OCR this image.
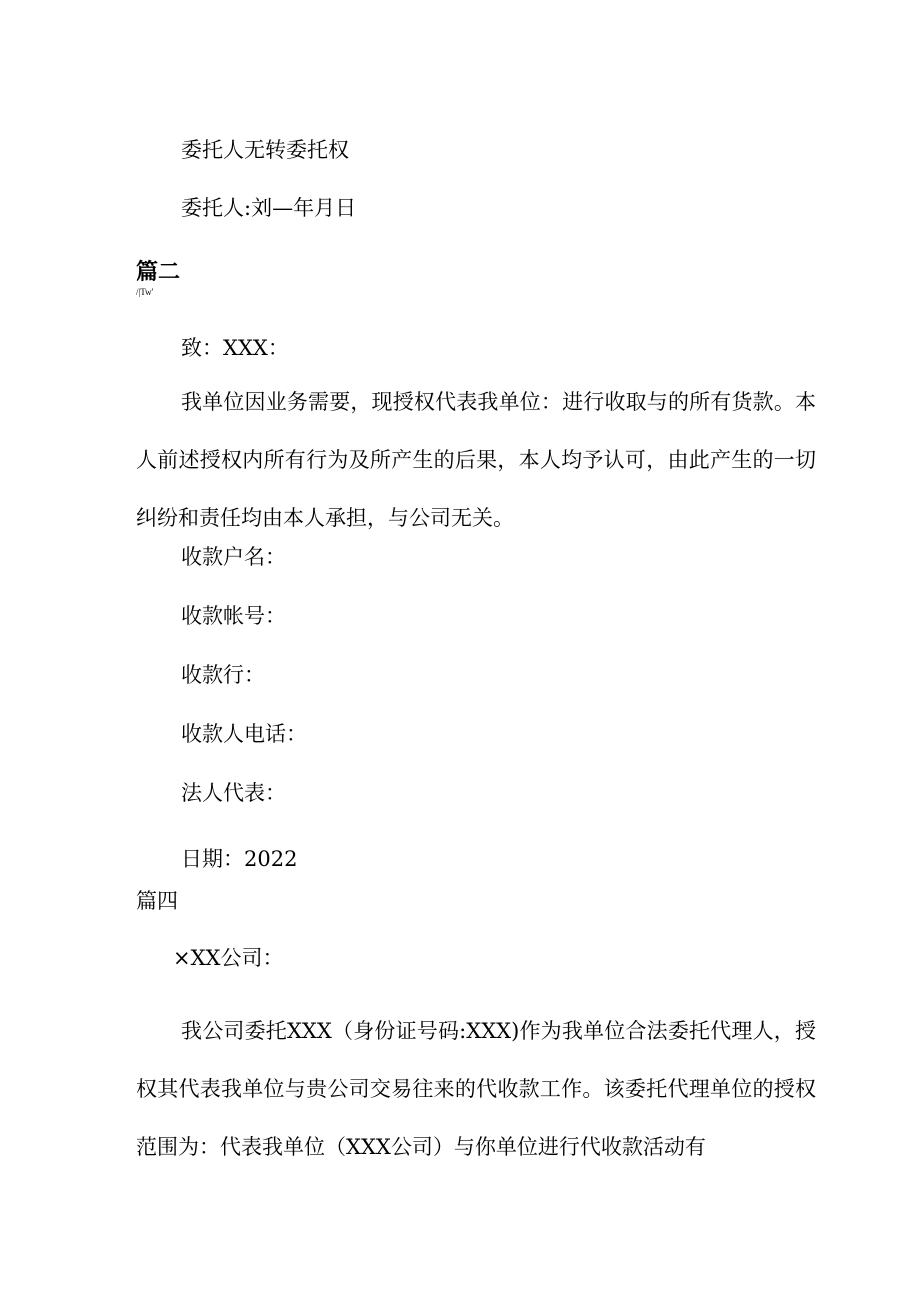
委托人无转委托权
委托人:刘—年月日
篇二
/|Tw'
致：XXX：
我单位因业务需要，现授权代表我单位：进行收取与的所有货款。本人前述授权内所有行为及所产生的后果，本人均予认可，由此产生的一切纠纷和责任均由本人承担，与公司无关。
收款户名：
收款帐号：
收款行：
收款人电话：
法人代表：
日期：2022
篇四
×XX公司：
我公司委托XXX（身份证号码:XXX)作为我单位合法委托代理人，授权其代表我单位与贵公司交易往来的代收款工作。该委托代理单位的授权范围为：代表我单位（XXX公司）与你单位进行代收款活动有
